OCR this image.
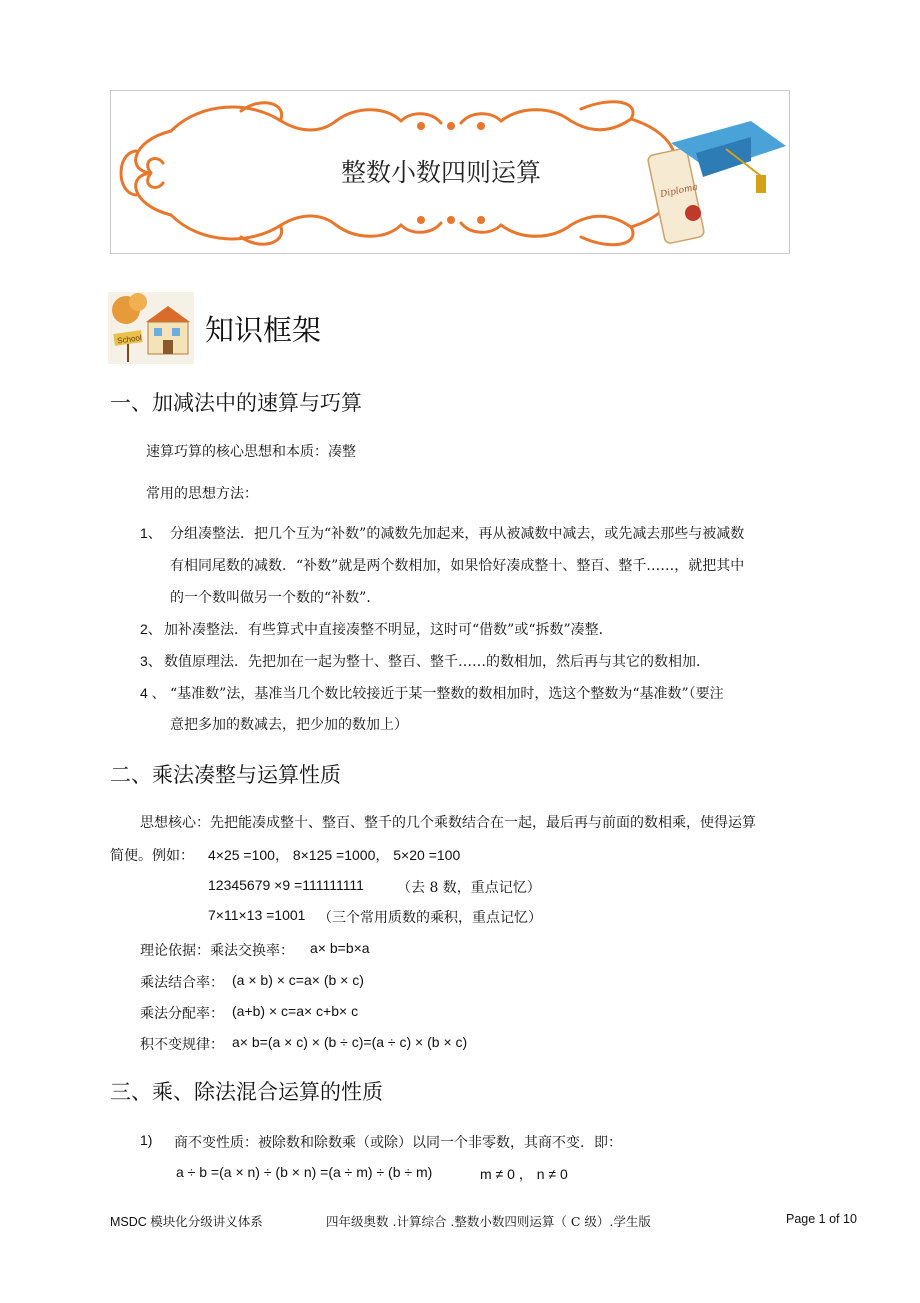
Diploma
整数小数四则运算
School 知识框架
一、加减法中的速算与巧算
速算巧算的核心思想和本质：凑整
常用的思想方法：
1、 分组凑整法．把几个互为“补数”的减数先加起来，再从被减数中减去，或先减去那些与被减数
有相同尾数的减数．“补数”就是两个数相加，如果恰好凑成整十、整百、整千……，就把其中
的一个数叫做另一个数的“补数”．
2、 加补凑整法．有些算式中直接凑整不明显，这时可“借数”或“拆数”凑整．
3、 数值原理法．先把加在一起为整十、整百、整千……的数相加，然后再与其它的数相加．
4 、 “基准数”法，基准当几个数比较接近于某一整数的数相加时，选这个整数为“基准数”（要注
意把多加的数减去，把少加的数加上）
二、乘法凑整与运算性质
思想核心：先把能凑成整十、整百、整千的几个乘数结合在一起，最后再与前面的数相乘，使得运算
简便。例如： 4×25 =100， 8×125 =1000， 5×20 =100
12345679 ×9 =111111111 （去 8 数，重点记忆）
7×11×13 =1001 （三个常用质数的乘积，重点记忆）
理论依据：乘法交换率： a× b=b×a
乘法结合率： (a × b) × c=a× (b × c)
乘法分配率： (a+b) × c=a× c+b× c
积不变规律： a× b=(a × c) × (b ÷ c)=(a ÷ c) × (b × c)
三、乘、除法混合运算的性质
1) 商不变性质：被除数和除数乘（或除）以同一个非零数，其商不变．即：
a ÷ b =(a × n) ÷ (b × n) =(a ÷ m) ÷ (b ÷ m)	m ≠ 0 ， n ≠ 0
MSDC 模块化分级讲义体系	四年级奥数 .计算综合 .整数小数四则运算（ C 级）.学生版	Page 1 of 10
